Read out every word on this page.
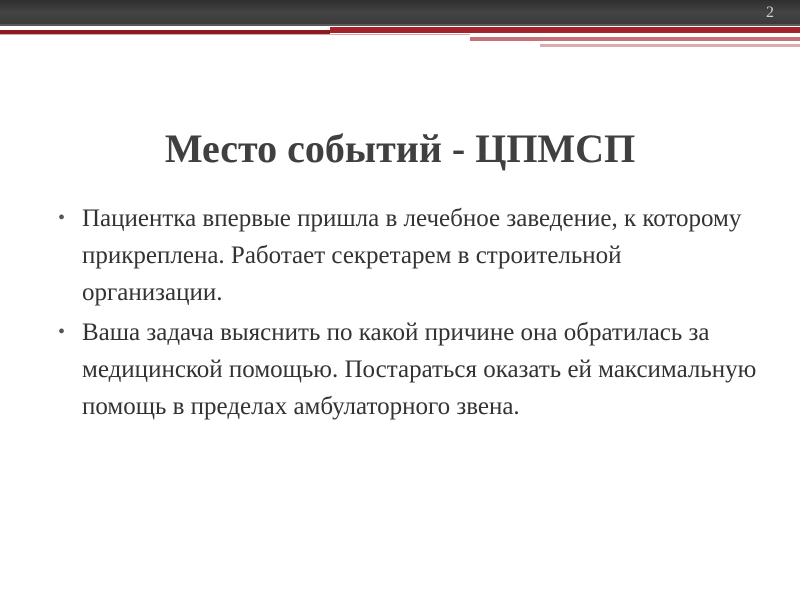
2
Место событий - ЦПМСП
• Пациентка впервые пришла в лечебное заведение, к которому прикреплена. Работает секретарем в строительной организации.
• Ваша задача выяснить по какой причине она обратилась за медицинской помощью. Постараться оказать ей максимальную помощь в пределах амбулаторного звена.
